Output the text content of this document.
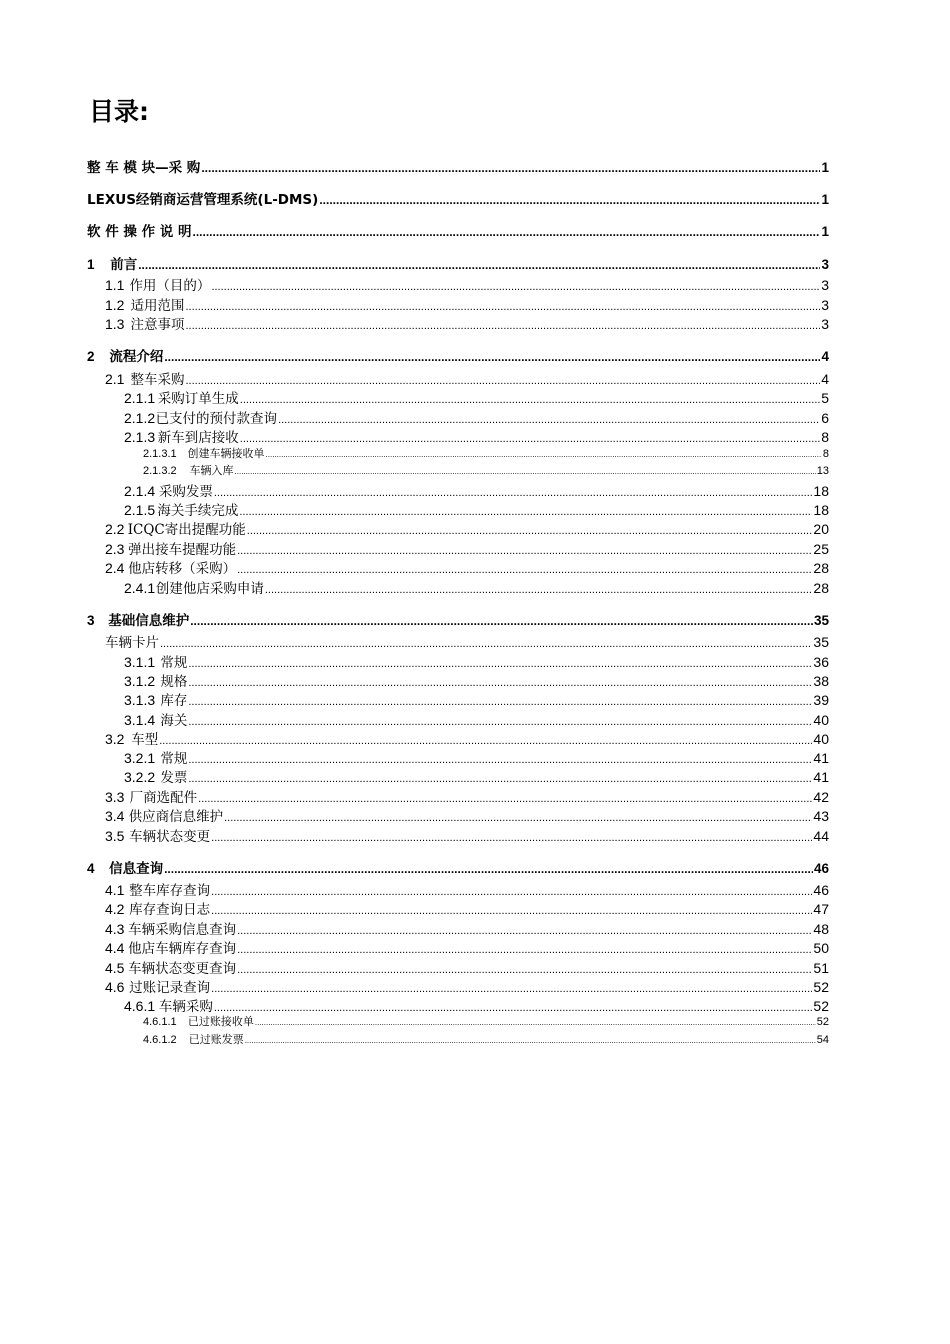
目录:
整 车 模 块—采 购 .....	1
LEXUS经销商运营管理系统(L-DMS) .....	1
软 件 操 作 说 明 .....	1
1	前言 .....	3
1.1 作用（目的） .....	3
1.2 适用范围 .....	3
1.3 注意事项 .....	3
2	流程介绍 .....	4
2.1 整车采购 .....	4
2.1.1 采购订单生成 .....	5
2.1.2 已支付的预付款查询 .....	6
2.1.3 新车到店接收 .....	8
2.1.3.1 创建车辆接收单 .....	8
2.1.3.2	车辆入库 .....	13
2.1.4 采购发票 .....	18
2.1.5 海关手续完成 .....	18
2.2 ICQC寄出提醒功能 .....	20
2.3 弹出接车提醒功能 .....	25
2.4 他店转移（采购） .....	28
2.4.1 创建他店采购申请 .....	28
3	基础信息维护 .....	35
车辆卡片 .....	35
3.1.1 常规 .....	36
3.1.2 规格 .....	38
3.1.3 库存 .....	39
3.1.4 海关 .....	40
3.2 车型 .....	40
3.2.1 常规 .....	41
3.2.2 发票 .....	41
3.3 厂商选配件 .....	42
3.4 供应商信息维护 .....	43
3.5 车辆状态变更 .....	44
4	信息查询 .....	46
4.1 整车库存查询 .....	46
4.2 库存查询日志 .....	47
4.3 车辆采购信息查询 .....	48
4.4 他店车辆库存查询 .....	50
4.5 车辆状态变更查询 .....	51
4.6 过账记录查询 .....	52
4.6.1 车辆采购 .....	52
4.6.1.1	已过账接收单 .....	52
4.6.1.2	已过账发票 .....	54
